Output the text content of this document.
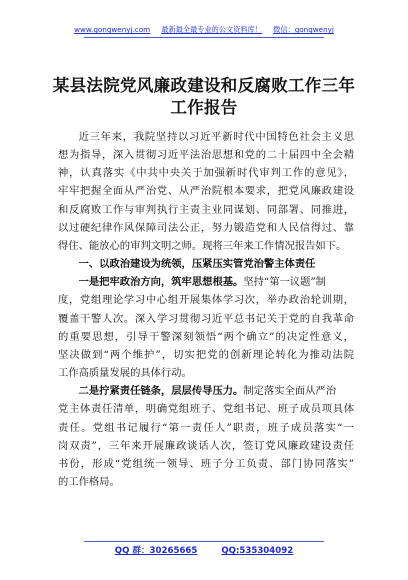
www.gongwenyj.com 最新最全最专业的公文资料库！ 微信：gongwenyj
某县法院党风廉政建设和反腐败工作三年
工作报告
近三年来，我院坚持以习近平新时代中国特色社会主义思
想为指导，深入贯彻习近平法治思想和党的二十届四中全会精
神，认真落实《中共中央关于加强新时代审判工作的意见》，
牢牢把握全面从严治党、从严治院根本要求，把党风廉政建设
和反腐败工作与审判执行主责主业同谋划、同部署、同推进，
以过硬纪律作风保障司法公正，努力锻造党和人民信得过、靠
得住、能放心的审判文明之师。现将三年来工作情况报告如下。
一、以政治建设为统领，压紧压实管党治警主体责任
一是把牢政治方向，筑牢思想根基。坚持“第一议题”制
度，党组理论学习中心组开展集体学习次，举办政治轮训期，
覆盖干警人次。深入学习贯彻习近平总书记关于党的自我革命
的重要思想，引导干警深刻领悟“两个确立”的决定性意义，
坚决做到“两个维护”，切实把党的创新理论转化为推动法院
工作高质量发展的具体行动。
二是拧紧责任链条，层层传导压力。制定落实全面从严治
党主体责任清单，明确党组班子、党组书记、班子成员项具体
责任。党组书记履行“第一责任人”职责，班子成员落实“一
岗双责”，三年来开展廉政谈话人次，签订党风廉政建设责任
书份，形成“党组统一领导、班子分工负责、部门协同落实”
的工作格局。
QQ 群：30265665	QQ:535304092
